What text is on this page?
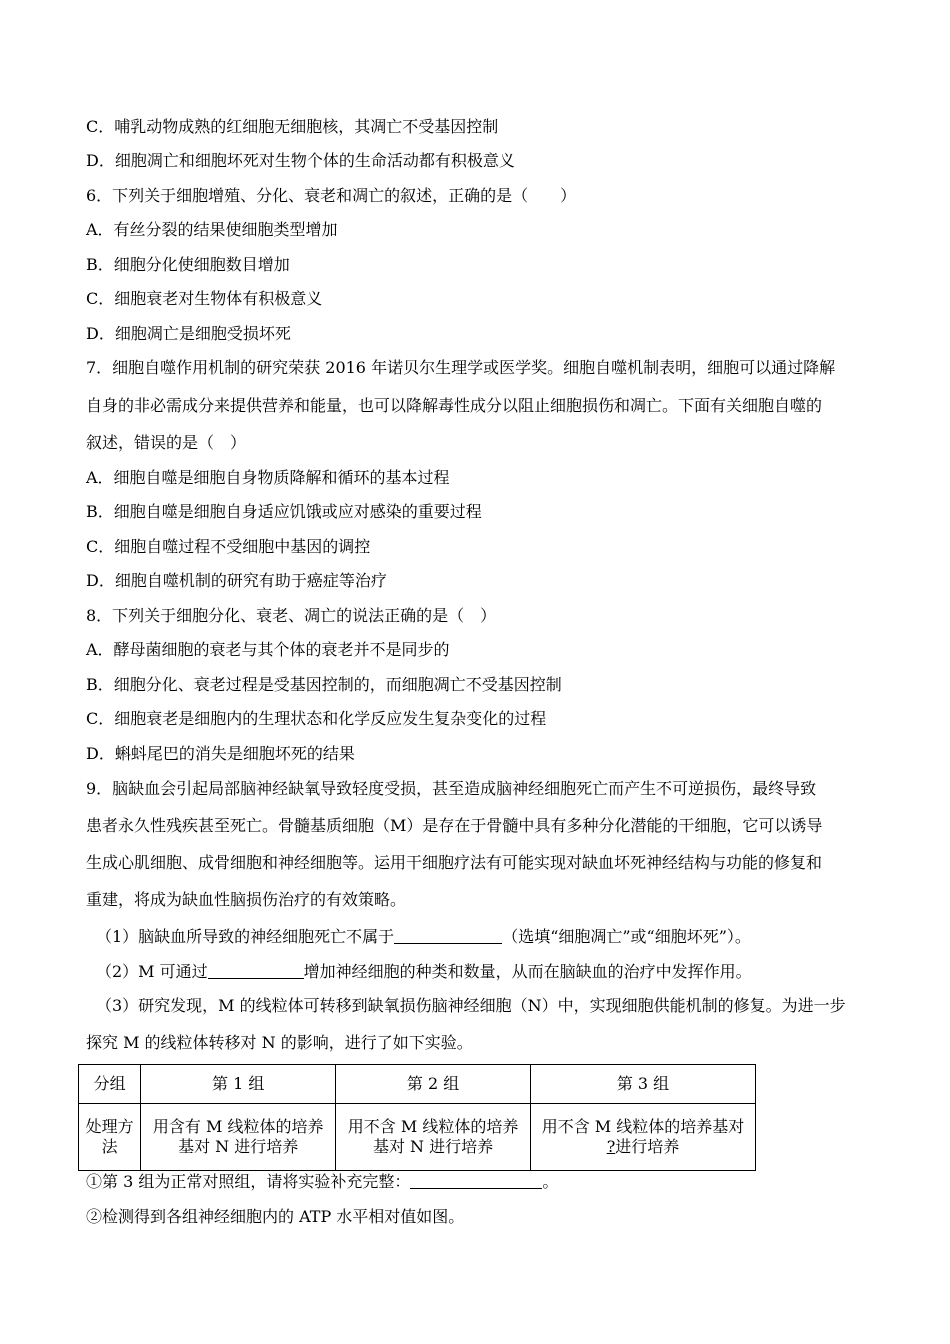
C．哺乳动物成熟的红细胞无细胞核，其凋亡不受基因控制
D．细胞凋亡和细胞坏死对生物个体的生命活动都有积极意义
6．下列关于细胞增殖、分化、衰老和凋亡的叙述，正确的是（　　）
A．有丝分裂的结果使细胞类型增加
B．细胞分化使细胞数目增加
C．细胞衰老对生物体有积极意义
D．细胞凋亡是细胞受损坏死
7．细胞自噬作用机制的研究荣获 2016 年诺贝尔生理学或医学奖。细胞自噬机制表明，细胞可以通过降解
自身的非必需成分来提供营养和能量，也可以降解毒性成分以阻止细胞损伤和凋亡。下面有关细胞自噬的
叙述，错误的是（　）
A．细胞自噬是细胞自身物质降解和循环的基本过程
B．细胞自噬是细胞自身适应饥饿或应对感染的重要过程
C．细胞自噬过程不受细胞中基因的调控
D．细胞自噬机制的研究有助于癌症等治疗
8．下列关于细胞分化、衰老、凋亡的说法正确的是（　）
A．酵母菌细胞的衰老与其个体的衰老并不是同步的
B．细胞分化、衰老过程是受基因控制的，而细胞凋亡不受基因控制
C．细胞衰老是细胞内的生理状态和化学反应发生复杂变化的过程
D．蝌蚪尾巴的消失是细胞坏死的结果
9．脑缺血会引起局部脑神经缺氧导致轻度受损，甚至造成脑神经细胞死亡而产生不可逆损伤，最终导致
患者永久性残疾甚至死亡。骨髓基质细胞（M）是存在于骨髓中具有多种分化潜能的干细胞，它可以诱导
生成心肌细胞、成骨细胞和神经细胞等。运用干细胞疗法有可能实现对缺血坏死神经结构与功能的修复和
重建，将成为缺血性脑损伤治疗的有效策略。
（1）脑缺血所导致的神经细胞死亡不属于	（选填“细胞凋亡”或“细胞坏死”）。
（2）M 可通过	增加神经细胞的种类和数量，从而在脑缺血的治疗中发挥作用。
（3）研究发现，M 的线粒体可转移到缺氧损伤脑神经细胞（N）中，实现细胞供能机制的修复。为进一步
探究 M 的线粒体转移对 N 的影响，进行了如下实验。
分组	第 1 组	第 2 组	第 3 组
处理方法	用含有 M 线粒体的培养基对 N 进行培养	用不含 M 线粒体的培养基对 N 进行培养	用不含 M 线粒体的培养基对
?进行培养
①第 3 组为正常对照组，请将实验补充完整：	。
②检测得到各组神经细胞内的 ATP 水平相对值如图。
